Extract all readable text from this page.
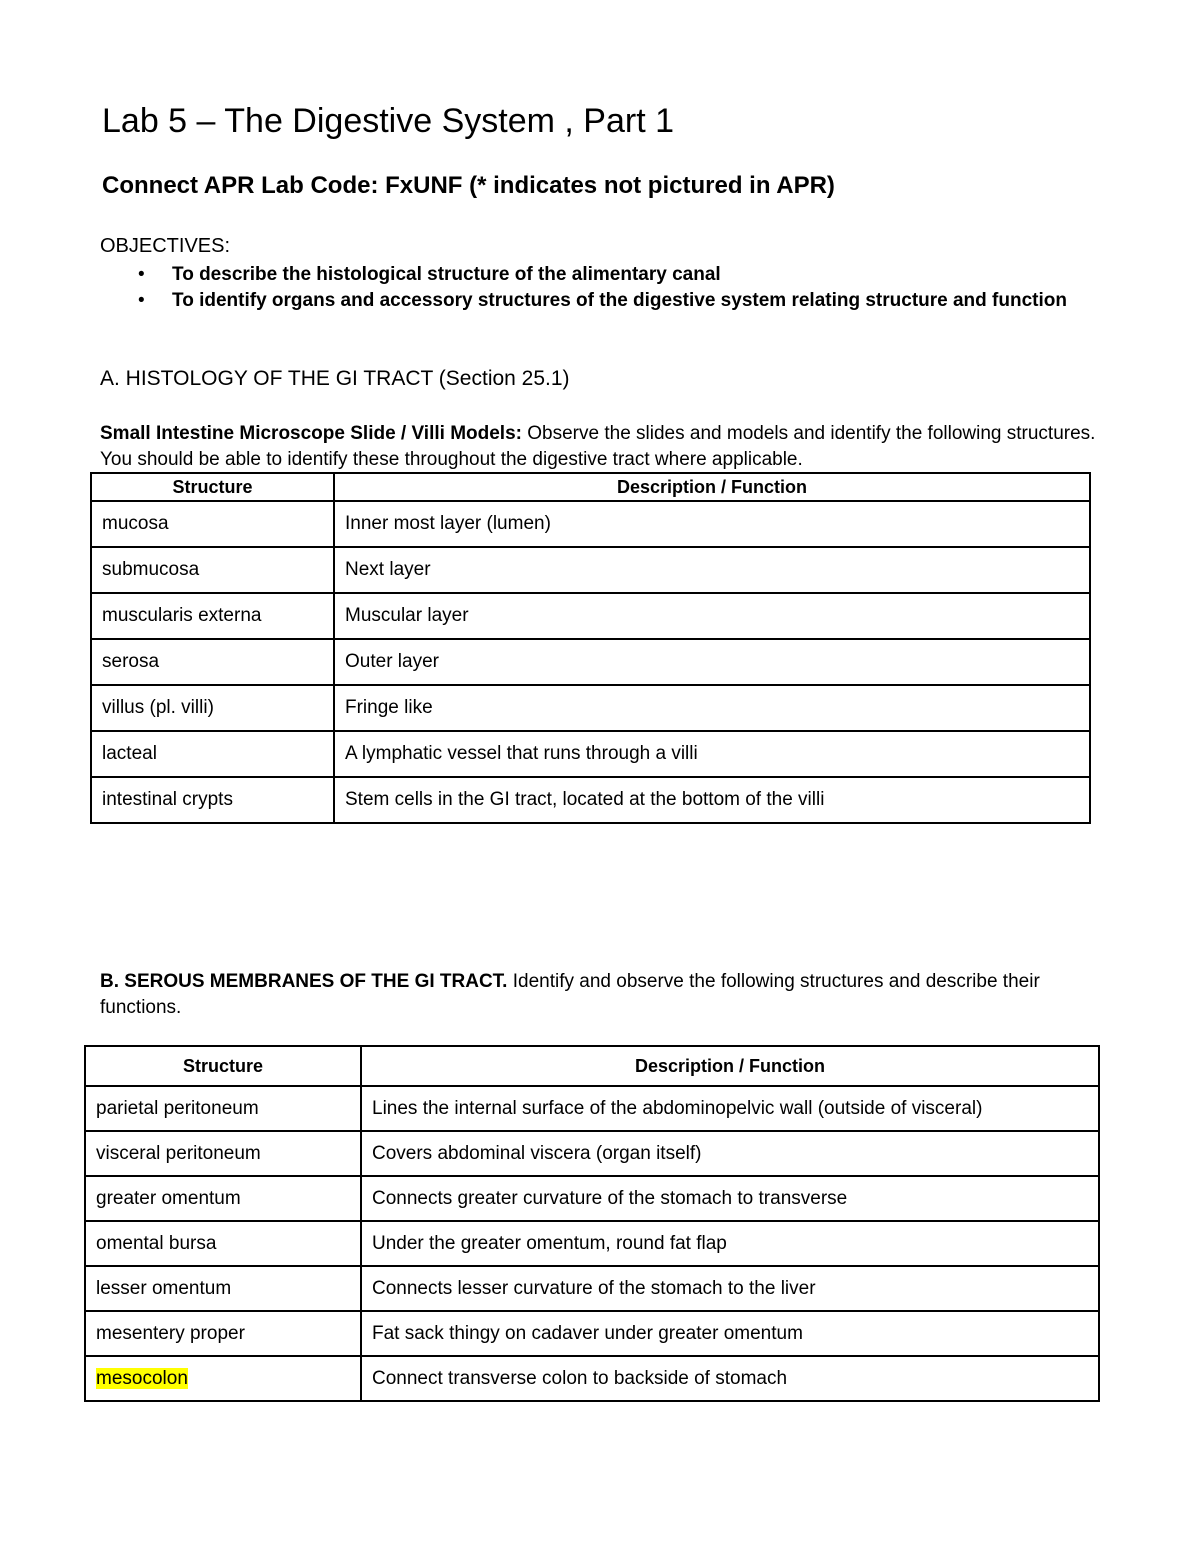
Lab 5 – The Digestive System , Part 1
Connect APR Lab Code: FxUNF (* indicates not pictured in APR)
OBJECTIVES:
• To describe the histological structure of the alimentary canal
• To identify organs and accessory structures of the digestive system relating structure and function
A. HISTOLOGY OF THE GI TRACT (Section 25.1)
Small Intestine Microscope Slide / Villi Models: Observe the slides and models and identify the following structures. You should be able to identify these throughout the digestive tract where applicable.
Structure	Description / Function
mucosa	Inner most layer (lumen)
submucosa	Next layer
muscularis externa	Muscular layer
serosa	Outer layer
villus (pl. villi)	Fringe like
lacteal	A lymphatic vessel that runs through a villi
intestinal crypts	Stem cells in the GI tract, located at the bottom of the villi
B. SEROUS MEMBRANES OF THE GI TRACT. Identify and observe the following structures and describe their functions.
Structure	Description / Function
parietal peritoneum	Lines the internal surface of the abdominopelvic wall (outside of visceral)
visceral peritoneum	Covers abdominal viscera (organ itself)
greater omentum	Connects greater curvature of the stomach to transverse
omental bursa	Under the greater omentum, round fat flap
lesser omentum	Connects lesser curvature of the stomach to the liver
mesentery proper	Fat sack thingy on cadaver under greater omentum
mesocolon	Connect transverse colon to backside of stomach
